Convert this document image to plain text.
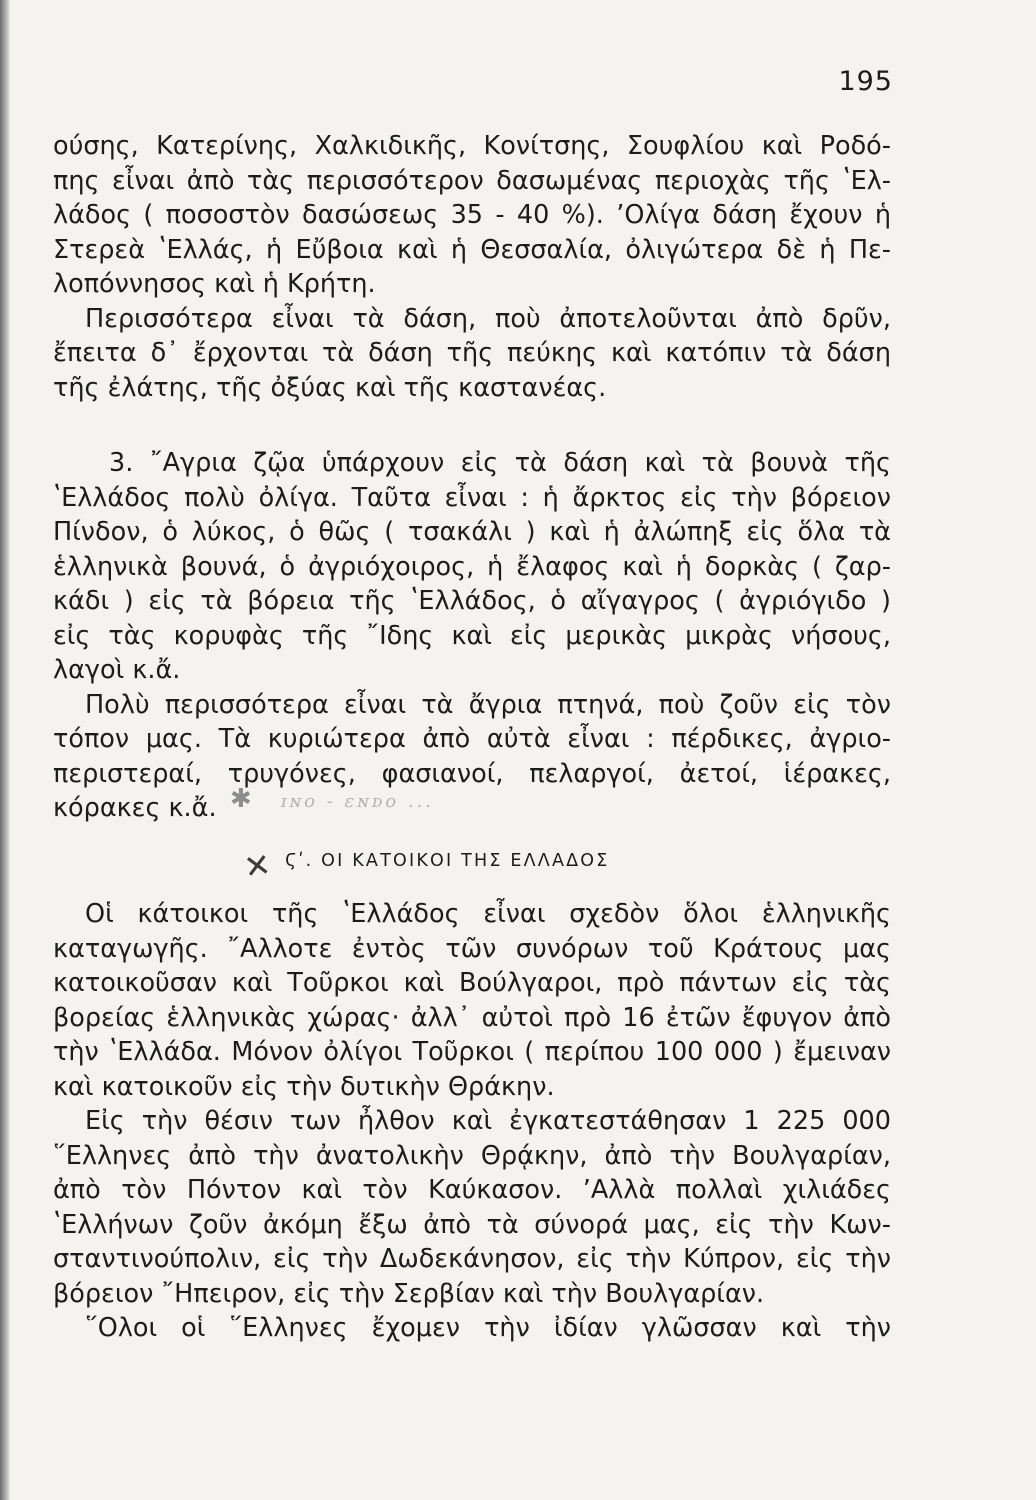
195
ούσης, Κατερίνης, Χαλκιδικῆς, Κονίτσης, Σουφλίου καὶ Ροδό-
πης εἶναι ἀπὸ τὰς περισσότερον δασωμένας περιοχὰς τῆς ʽΕλ-
λάδος ( ποσοστὸν δασώσεως 35 - 40 %). ʼΟλίγα δάση ἔχουν ἡ
Στερεὰ ʽΕλλάς, ἡ Εὔβοια καὶ ἡ Θεσσαλία, ὀλιγώτερα δὲ ἡ Πε-
λοπόννησος καὶ ἡ Κρήτη.
Περισσότερα εἶναι τὰ δάση, ποὺ ἀποτελοῦνται ἀπὸ δρῦν,
ἔπειτα δ᾿ ἔρχονται τὰ δάση τῆς πεύκης καὶ κατόπιν τὰ δάση
τῆς ἐλάτης, τῆς ὀξύας καὶ τῆς καστανέας.
3. ῎Αγρια ζῷα ὑπάρχουν εἰς τὰ δάση καὶ τὰ βουνὰ τῆς
ʽΕλλάδος πολὺ ὀλίγα. Ταῦτα εἶναι : ἡ ἄρκτος εἰς τὴν βόρειον
Πίνδον, ὁ λύκος, ὁ θῶς ( τσακάλι ) καὶ ἡ ἀλώπηξ εἰς ὅλα τὰ
ἑλληνικὰ βουνά, ὁ ἀγριόχοιρος, ἡ ἔλαφος καὶ ἡ δορκὰς ( ζαρ-
κάδι ) εἰς τὰ βόρεια τῆς ʽΕλλάδος, ὁ αἴγαγρος ( ἀγριόγιδο )
εἰς τὰς κορυφὰς τῆς ῎Ιδης καὶ εἰς μερικὰς μικρὰς νήσους,
λαγοὶ κ.ἄ.
Πολὺ περισσότερα εἶναι τὰ ἄγρια πτηνά, ποὺ ζοῦν εἰς τὸν
τόπον μας. Τὰ κυριώτερα ἀπὸ αὐτὰ εἶναι : πέρδικες, ἀγριο-
περιστεραί, τρυγόνες, φασιανοί, πελαργοί, ἀετοί, ἱέρακες,
κόρακες κ.ἄ. ✱ ɪɴο - ɛɴᴅο ...
✕ Ϛʹ. ΟΙ ΚΑΤΟΙΚΟΙ ΤΗΣ ΕΛΛΑΔΟΣ
Οἱ κάτοικοι τῆς ʽΕλλάδος εἶναι σχεδὸν ὅλοι ἑλληνικῆς
καταγωγῆς. ῎Αλλοτε ἐντὸς τῶν συνόρων τοῦ Κράτους μας
κατοικοῦσαν καὶ Τοῦρκοι καὶ Βούλγαροι, πρὸ πάντων εἰς τὰς
βορείας ἑλληνικὰς χώρας· ἀλλ᾿ αὐτοὶ πρὸ 16 ἐτῶν ἔφυγον ἀπὸ
τὴν ʽΕλλάδα. Μόνον ὀλίγοι Τοῦρκοι ( περίπου 100 000 ) ἔμειναν
καὶ κατοικοῦν εἰς τὴν δυτικὴν Θράκην.
Εἰς τὴν θέσιν των ἦλθον καὶ ἐγκατεστάθησαν 1 225 000
῞Ελληνες ἀπὸ τὴν ἀνατολικὴν Θρᾴκην, ἀπὸ τὴν Βουλγαρίαν,
ἀπὸ τὸν Πόντον καὶ τὸν Καύκασον. ʼΑλλὰ πολλαὶ χιλιάδες
ʽΕλλήνων ζοῦν ἀκόμη ἔξω ἀπὸ τὰ σύνορά μας, εἰς τὴν Κων-
σταντινούπολιν, εἰς τὴν Δωδεκάνησον, εἰς τὴν Κύπρον, εἰς τὴν
βόρειον ῎Ηπειρον, εἰς τὴν Σερβίαν καὶ τὴν Βουλγαρίαν.
῞Ολοι οἱ ῞Ελληνες ἔχομεν τὴν ἰδίαν γλῶσσαν καὶ τὴν
